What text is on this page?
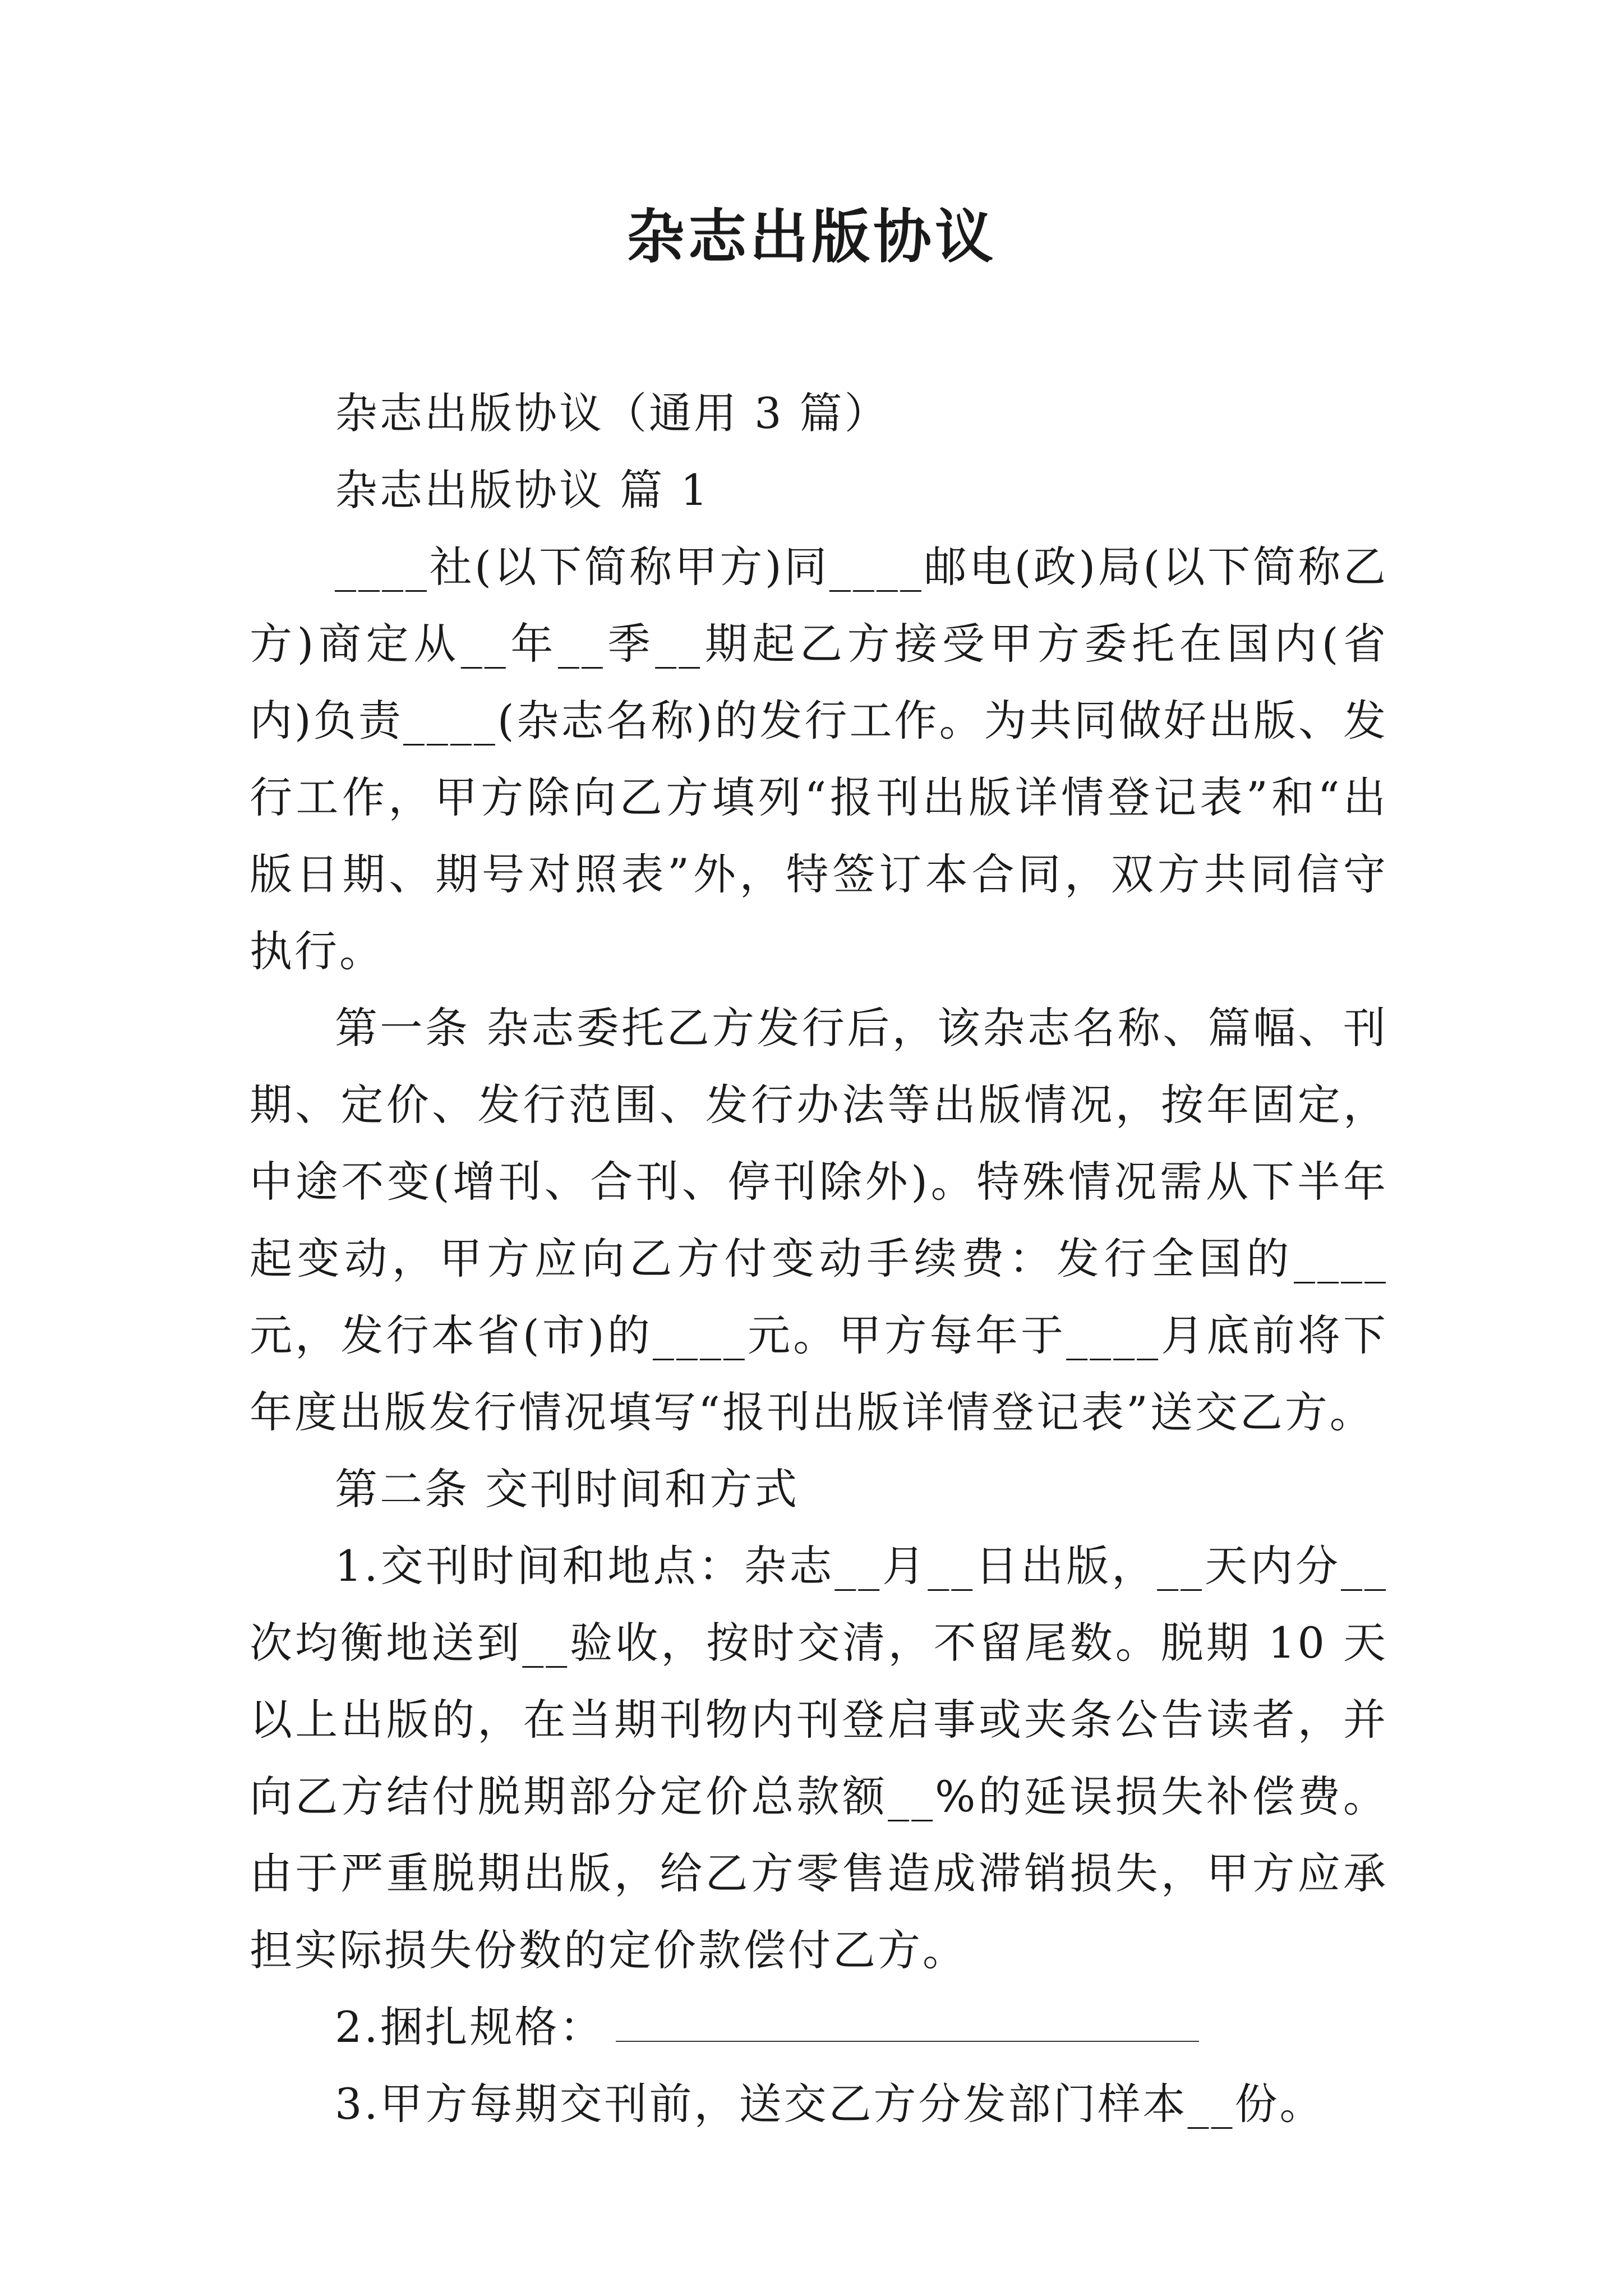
杂志出版协议

杂志出版协议（通用 3 篇）

杂志出版协议 篇 1

____社(以下简称甲方)同____邮电(政)局(以下简称乙方)商定从__年__季__期起乙方接受甲方委托在国内(省内)负责____(杂志名称)的发行工作。为共同做好出版、发行工作，甲方除向乙方填列“报刊出版详情登记表”和“出版日期、期号对照表”外，特签订本合同，双方共同信守执行。

第一条 杂志委托乙方发行后，该杂志名称、篇幅、刊期、定价、发行范围、发行办法等出版情况，按年固定，中途不变(增刊、合刊、停刊除外)。特殊情况需从下半年起变动，甲方应向乙方付变动手续费：发行全国的____元，发行本省(市)的____元。甲方每年于____月底前将下年度出版发行情况填写“报刊出版详情登记表”送交乙方。

第二条 交刊时间和方式

1.交刊时间和地点：杂志__月__日出版，__天内分__次均衡地送到__验收，按时交清，不留尾数。脱期 10 天以上出版的，在当期刊物内刊登启事或夹条公告读者，并向乙方结付脱期部分定价总款额__%的延误损失补偿费。由于严重脱期出版，给乙方零售造成滞销损失，甲方应承担实际损失份数的定价款偿付乙方。

2.捆扎规格：

3.甲方每期交刊前，送交乙方分发部门样本__份。
